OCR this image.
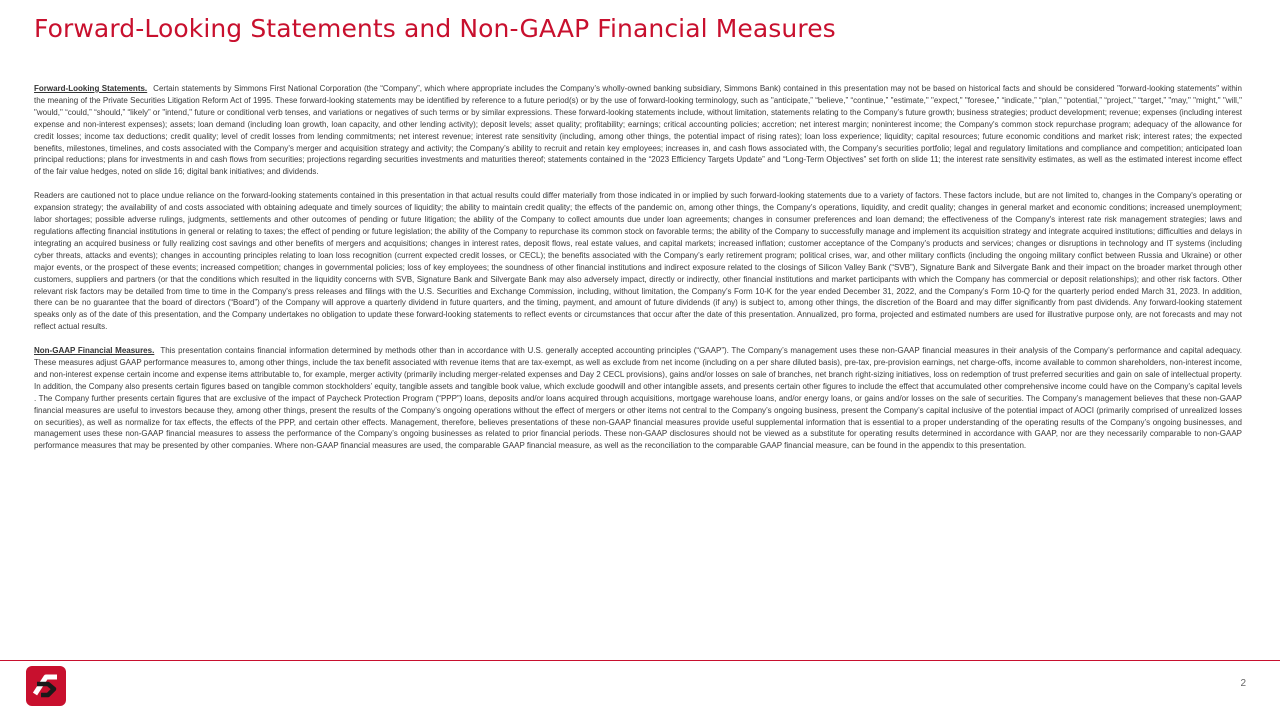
Forward-Looking Statements and Non-GAAP Financial Measures

Forward-Looking Statements. Certain statements by Simmons First National Corporation (the “Company”, which where appropriate includes the Company’s wholly-owned banking subsidiary, Simmons Bank) contained in this presentation may not be based on historical facts and should be considered "forward-looking statements" within the meaning of the Private Securities Litigation Reform Act of 1995. These forward-looking statements may be identified by reference to a future period(s) or by the use of forward-looking terminology, such as "anticipate,” “believe,” “continue,” "estimate," "expect," "foresee,” “indicate,” “plan,” “potential,” “project,” “target,” "may," "might," "will," "would," “could,” “should,” “likely” or "intend," future or conditional verb tenses, and variations or negatives of such terms or by similar expressions. These forward-looking statements include, without limitation, statements relating to the Company’s future growth; business strategies; product development; revenue; expenses (including interest expense and non-interest expenses); assets; loan demand (including loan growth, loan capacity, and other lending activity); deposit levels; asset quality; profitability; earnings; critical accounting policies; accretion; net interest margin; noninterest income; the Company's common stock repurchase program; adequacy of the allowance for credit losses; income tax deductions; credit quality; level of credit losses from lending commitments; net interest revenue; interest rate sensitivity (including, among other things, the potential impact of rising rates); loan loss experience; liquidity; capital resources; future economic conditions and market risk; interest rates; the expected benefits, milestones, timelines, and costs associated with the Company’s merger and acquisition strategy and activity; the Company’s ability to recruit and retain key employees; increases in, and cash flows associated with, the Company’s securities portfolio; legal and regulatory limitations and compliance and competition; anticipated loan principal reductions; plans for investments in and cash flows from securities; projections regarding securities investments and maturities thereof; statements contained in the “2023 Efficiency Targets Update” and “Long-Term Objectives” set forth on slide 11; the interest rate sensitivity estimates, as well as the estimated interest income effect of the fair value hedges, noted on slide 16; digital bank initiatives; and dividends.

Readers are cautioned not to place undue reliance on the forward-looking statements contained in this presentation in that actual results could differ materially from those indicated in or implied by such forward-looking statements due to a variety of factors. These factors include, but are not limited to, changes in the Company's operating or expansion strategy; the availability of and costs associated with obtaining adequate and timely sources of liquidity; the ability to maintain credit quality; the effects of the pandemic on, among other things, the Company’s operations, liquidity, and credit quality; changes in general market and economic conditions; increased unemployment; labor shortages; possible adverse rulings, judgments, settlements and other outcomes of pending or future litigation; the ability of the Company to collect amounts due under loan agreements; changes in consumer preferences and loan demand; the effectiveness of the Company's interest rate risk management strategies; laws and regulations affecting financial institutions in general or relating to taxes; the effect of pending or future legislation; the ability of the Company to repurchase its common stock on favorable terms; the ability of the Company to successfully manage and implement its acquisition strategy and integrate acquired institutions; difficulties and delays in integrating an acquired business or fully realizing cost savings and other benefits of mergers and acquisitions; changes in interest rates, deposit flows, real estate values, and capital markets; increased inflation; customer acceptance of the Company's products and services; changes or disruptions in technology and IT systems (including cyber threats, attacks and events); changes in accounting principles relating to loan loss recognition (current expected credit losses, or CECL); the benefits associated with the Company’s early retirement program; political crises, war, and other military conflicts (including the ongoing military conflict between Russia and Ukraine) or other major events, or the prospect of these events; increased competition; changes in governmental policies; loss of key employees; the soundness of other financial institutions and indirect exposure related to the closings of Silicon Valley Bank (“SVB”), Signature Bank and Silvergate Bank and their impact on the broader market through other customers, suppliers and partners (or that the conditions which resulted in the liquidity concerns with SVB, Signature Bank and Silvergate Bank may also adversely impact, directly or indirectly, other financial institutions and market participants with which the Company has commercial or deposit relationships); and other risk factors. Other relevant risk factors may be detailed from time to time in the Company's press releases and filings with the U.S. Securities and Exchange Commission, including, without limitation, the Company’s Form 10-K for the year ended December 31, 2022, and the Company’s Form 10-Q for the quarterly period ended March 31, 2023. In addition, there can be no guarantee that the board of directors (“Board”) of the Company will approve a quarterly dividend in future quarters, and the timing, payment, and amount of future dividends (if any) is subject to, among other things, the discretion of the Board and may differ significantly from past dividends. Any forward-looking statement speaks only as of the date of this presentation, and the Company undertakes no obligation to update these forward-looking statements to reflect events or circumstances that occur after the date of this presentation. Annualized, pro forma, projected and estimated numbers are used for illustrative purpose only, are not forecasts and may not reflect actual results.

Non-GAAP Financial Measures. This presentation contains financial information determined by methods other than in accordance with U.S. generally accepted accounting principles (“GAAP”). The Company’s management uses these non-GAAP financial measures in their analysis of the Company’s performance and capital adequacy. These measures adjust GAAP performance measures to, among other things, include the tax benefit associated with revenue items that are tax-exempt, as well as exclude from net income (including on a per share diluted basis), pre-tax, pre-provision earnings, net charge-offs, income available to common shareholders, non-interest income, and non-interest expense certain income and expense items attributable to, for example, merger activity (primarily including merger-related expenses and Day 2 CECL provisions), gains and/or losses on sale of branches, net branch right-sizing initiatives, loss on redemption of trust preferred securities and gain on sale of intellectual property. In addition, the Company also presents certain figures based on tangible common stockholders’ equity, tangible assets and tangible book value, which exclude goodwill and other intangible assets, and presents certain other figures to include the effect that accumulated other comprehensive income could have on the Company’s capital levels . The Company further presents certain figures that are exclusive of the impact of Paycheck Protection Program (“PPP”) loans, deposits and/or loans acquired through acquisitions, mortgage warehouse loans, and/or energy loans, or gains and/or losses on the sale of securities. The Company’s management believes that these non-GAAP financial measures are useful to investors because they, among other things, present the results of the Company’s ongoing operations without the effect of mergers or other items not central to the Company’s ongoing business, present the Company’s capital inclusive of the potential impact of AOCI (primarily comprised of unrealized losses on securities), as well as normalize for tax effects, the effects of the PPP, and certain other effects. Management, therefore, believes presentations of these non-GAAP financial measures provide useful supplemental information that is essential to a proper understanding of the operating results of the Company’s ongoing businesses, and management uses these non-GAAP financial measures to assess the performance of the Company’s ongoing businesses as related to prior financial periods. These non-GAAP disclosures should not be viewed as a substitute for operating results determined in accordance with GAAP, nor are they necessarily comparable to non-GAAP performance measures that may be presented by other companies. Where non-GAAP financial measures are used, the comparable GAAP financial measure, as well as the reconciliation to the comparable GAAP financial measure, can be found in the appendix to this presentation.

2
